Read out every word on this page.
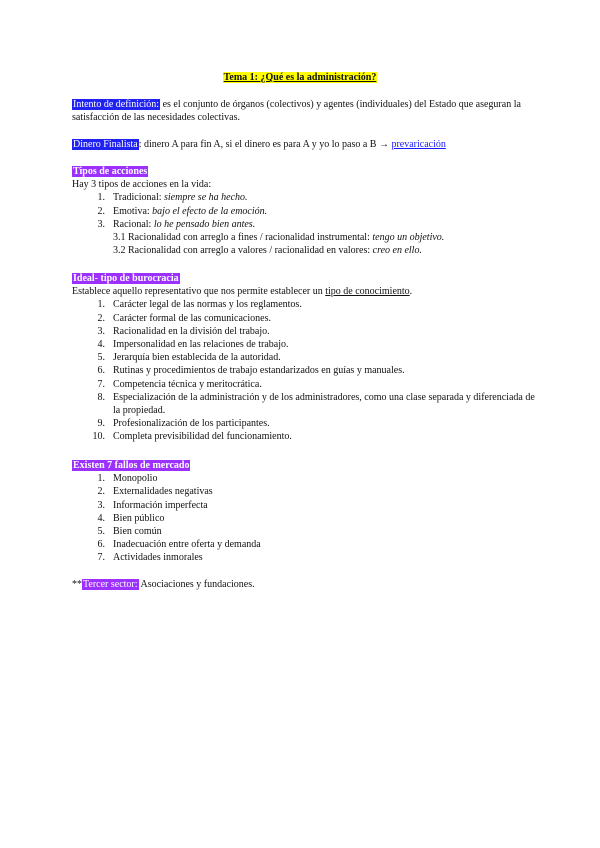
Tema 1: ¿Qué es la administración?
Intento de definición: es el conjunto de órganos (colectivos) y agentes (individuales) del Estado que aseguran la satisfacción de las necesidades colectivas.
Dinero Finalista: dinero A para fin A, si el dinero es para A y yo lo paso a B → prevaricación
Tipos de acciones
Hay 3 tipos de acciones en la vida:
1. Tradicional: siempre se ha hecho.
2. Emotiva: bajo el efecto de la emoción.
3. Racional: lo he pensado bien antes.
3.1 Racionalidad con arreglo a fines / racionalidad instrumental: tengo un objetivo.
3.2 Racionalidad con arreglo a valores / racionalidad en valores: creo en ello.
Ideal- tipo de burocracia
Establece aquello representativo que nos permite establecer un tipo de conocimiento.
1. Carácter legal de las normas y los reglamentos.
2. Carácter formal de las comunicaciones.
3. Racionalidad en la división del trabajo.
4. Impersonalidad en las relaciones de trabajo.
5. Jerarquía bien establecida de la autoridad.
6. Rutinas y procedimientos de trabajo estandarizados en guías y manuales.
7. Competencia técnica y meritocrática.
8. Especialización de la administración y de los administradores, como una clase separada y diferenciada de la propiedad.
9. Profesionalización de los participantes.
10. Completa previsibilidad del funcionamiento.
Existen 7 fallos de mercado
1. Monopolio
2. Externalidades negativas
3. Información imperfecta
4. Bien público
5. Bien común
6. Inadecuación entre oferta y demanda
7. Actividades inmorales
**Tercer sector: Asociaciones y fundaciones.
